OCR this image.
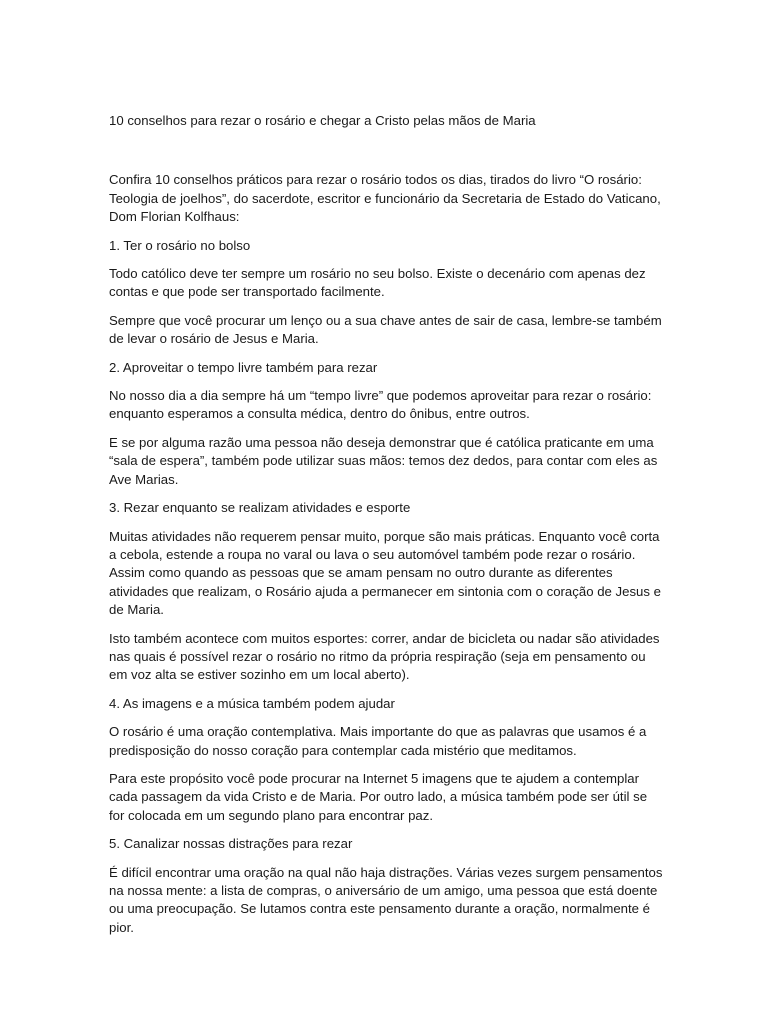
10 conselhos para rezar o rosário e chegar a Cristo pelas mãos de Maria

Confira 10 conselhos práticos para rezar o rosário todos os dias, tirados do livro “O rosário: Teologia de joelhos”, do sacerdote, escritor e funcionário da Secretaria de Estado do Vaticano, Dom Florian Kolfhaus:

1. Ter o rosário no bolso

Todo católico deve ter sempre um rosário no seu bolso. Existe o decenário com apenas dez contas e que pode ser transportado facilmente.

Sempre que você procurar um lenço ou a sua chave antes de sair de casa, lembre-se também de levar o rosário de Jesus e Maria.

2. Aproveitar o tempo livre também para rezar

No nosso dia a dia sempre há um “tempo livre” que podemos aproveitar para rezar o rosário: enquanto esperamos a consulta médica, dentro do ônibus, entre outros.

E se por alguma razão uma pessoa não deseja demonstrar que é católica praticante em uma “sala de espera”, também pode utilizar suas mãos: temos dez dedos, para contar com eles as Ave Marias.

3. Rezar enquanto se realizam atividades e esporte

Muitas atividades não requerem pensar muito, porque são mais práticas. Enquanto você corta a cebola, estende a roupa no varal ou lava o seu automóvel também pode rezar o rosário. Assim como quando as pessoas que se amam pensam no outro durante as diferentes atividades que realizam, o Rosário ajuda a permanecer em sintonia com o coração de Jesus e de Maria.

Isto também acontece com muitos esportes: correr, andar de bicicleta ou nadar são atividades nas quais é possível rezar o rosário no ritmo da própria respiração (seja em pensamento ou em voz alta se estiver sozinho em um local aberto).

4. As imagens e a música também podem ajudar

O rosário é uma oração contemplativa. Mais importante do que as palavras que usamos é a predisposição do nosso coração para contemplar cada mistério que meditamos.

Para este propósito você pode procurar na Internet 5 imagens que te ajudem a contemplar cada passagem da vida Cristo e de Maria. Por outro lado, a música também pode ser útil se for colocada em um segundo plano para encontrar paz.

5. Canalizar nossas distrações para rezar

É difícil encontrar uma oração na qual não haja distrações. Várias vezes surgem pensamentos na nossa mente: a lista de compras, o aniversário de um amigo, uma pessoa que está doente ou uma preocupação. Se lutamos contra este pensamento durante a oração, normalmente é pior.
